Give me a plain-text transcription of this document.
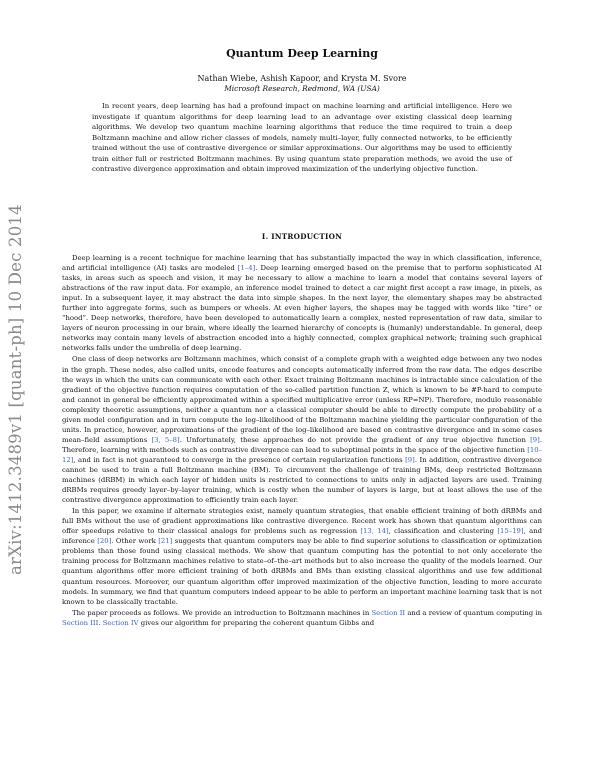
arXiv:1412.3489v1 [quant-ph] 10 Dec 2014
Quantum Deep Learning
Nathan Wiebe, Ashish Kapoor, and Krysta M. Svore
Microsoft Research, Redmond, WA (USA)

In recent years, deep learning has had a profound impact on machine learning and artificial intelligence. Here we investigate if quantum algorithms for deep learning lead to an advantage over existing classical deep learning algorithms. We develop two quantum machine learning algorithms that reduce the time required to train a deep Boltzmann machine and allow richer classes of models, namely multi–layer, fully connected networks, to be efficiently trained without the use of contrastive divergence or similar approximations. Our algorithms may be used to efficiently train either full or restricted Boltzmann machines. By using quantum state preparation methods, we avoid the use of contrastive divergence approximation and obtain improved maximization of the underlying objective function.

I. INTRODUCTION

Deep learning is a recent technique for machine learning that has substantially impacted the way in which classification, inference, and artificial intelligence (AI) tasks are modeled [1–4]. Deep learning emerged based on the premise that to perform sophisticated AI tasks, in areas such as speech and vision, it may be necessary to allow a machine to learn a model that contains several layers of abstractions of the raw input data. For example, an inference model trained to detect a car might first accept a raw image, in pixels, as input. In a subsequent layer, it may abstract the data into simple shapes. In the next layer, the elementary shapes may be abstracted further into aggregate forms, such as bumpers or wheels. At even higher layers, the shapes may be tagged with words like “tire” or “hood”. Deep networks, therefore, have been developed to automatically learn a complex, nested representation of raw data, similar to layers of neuron processing in our brain, where ideally the learned hierarchy of concepts is (humanly) understandable. In general, deep networks may contain many levels of abstraction encoded into a highly connected, complex graphical network; training such graphical networks falls under the umbrella of deep learning.

One class of deep networks are Boltzmann machines, which consist of a complete graph with a weighted edge between any two nodes in the graph. These nodes, also called units, encode features and concepts automatically inferred from the raw data. The edges describe the ways in which the units can communicate with each other. Exact training Boltzmann machines is intractable since calculation of the gradient of the objective function requires computation of the so-called partition function Z, which is known to be #P-hard to compute and cannot in general be efficiently approximated within a specified multiplicative error (unless RP=NP). Therefore, modulo reasonable complexity theoretic assumptions, neither a quantum nor a classical computer should be able to directly compute the probability of a given model configuration and in turn compute the log–likelihood of the Boltzmann machine yielding the particular configuration of the units. In practice, however, approximations of the gradient of the log–likelihood are based on contrastive divergence and in some cases mean–field assumptions [3, 5–8]. Unfortunately, these approaches do not provide the gradient of any true objective function [9]. Therefore, learning with methods such as contrastive divergence can lead to suboptimal points in the space of the objective function [10–12], and in fact is not guaranteed to converge in the presence of certain regularization functions [9]. In addition, contrastive divergence cannot be used to train a full Boltzmann machine (BM). To circumvent the challenge of training BMs, deep restricted Boltzmann machines (dRBM) in which each layer of hidden units is restricted to connections to units only in adjacted layers are used. Training dRBMs requires greedy layer–by–layer training, which is costly when the number of layers is large, but at least allows the use of the contrastive divergence approximation to efficiently train each layer.

In this paper, we examine if alternate strategies exist, namely quantum strategies, that enable efficient training of both dRBMs and full BMs without the use of gradient approximations like contrastive divergence. Recent work has shown that quantum algorithms can offer speedups relative to their classical analogs for problems such as regression [13, 14], classification and clustering [15–19], and inference [20]. Other work [21] suggests that quantum computers may be able to find superior solutions to classification or optimization problems than those found using classical methods. We show that quantum computing has the potential to not only accelerate the training process for Boltzmann machines relative to state–of–the–art methods but to also increase the quality of the models learned. Our quantum algorithms offer more efficient training of both dRBMs and BMs than existing classical algorithms and use few additional quantum resources. Moreover, our quantum algorithm offer improved maximization of the objective function, leading to more accurate models. In summary, we find that quantum computers indeed appear to be able to perform an important machine learning task that is not known to be classically tractable.

The paper proceeds as follows. We provide an introduction to Boltzmann machines in Section II and a review of quantum computing in Section III. Section IV gives our algorithm for preparing the coherent quantum Gibbs and
